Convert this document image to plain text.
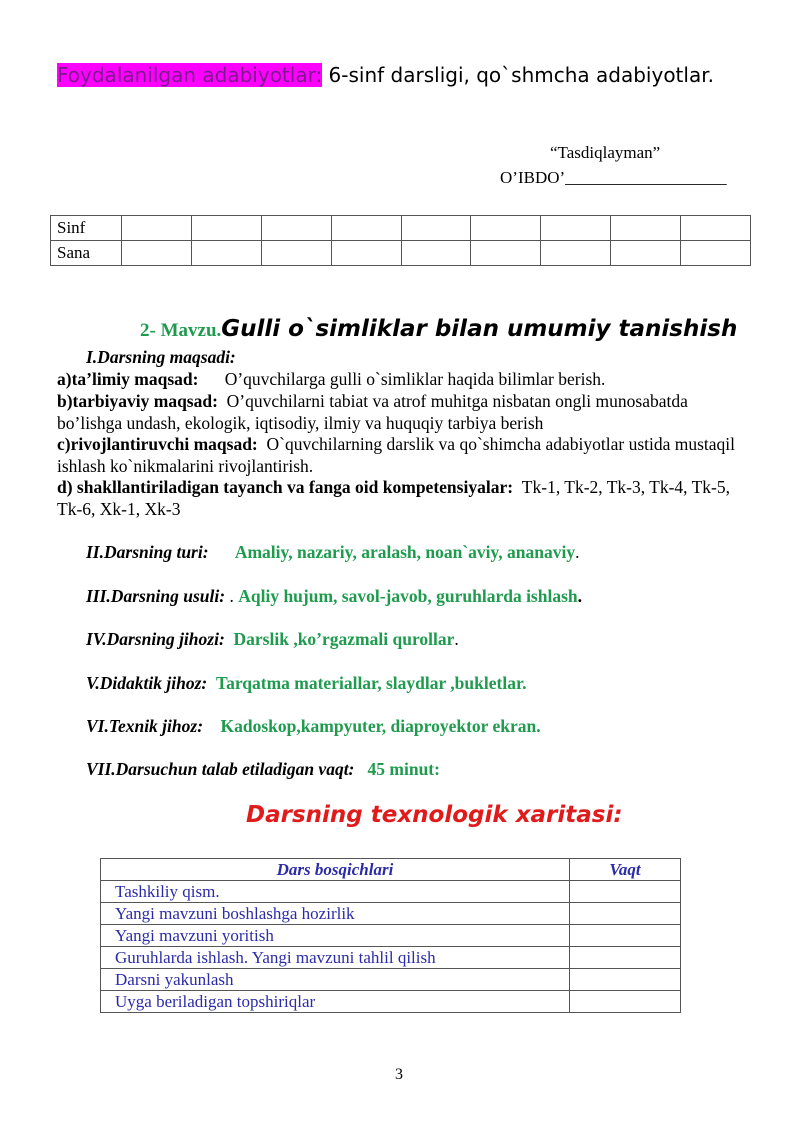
Foydalanilgan adabiyotlar: 6-sinf darsligi, qo`shmcha adabiyotlar.
“Tasdiqlayman”
O’IBDO’___________________
Sinf									
Sana									
2- Mavzu.Gulli o`simliklar bilan umumiy tanishish
I.Darsning maqsadi:
a)ta’limiy maqsad: O’quvchilarga gulli o`simliklar haqida bilimlar berish.
b)tarbiyaviy maqsad: O’quvchilarni tabiat va atrof muhitga nisbatan ongli munosabatda bo’lishga undash, ekologik, iqtisodiy, ilmiy va huquqiy tarbiya berish
c)rivojlantiruvchi maqsad: O`quvchilarning darslik va qo`shimcha adabiyotlar ustida mustaqil ishlash ko`nikmalarini rivojlantirish.
d) shakllantiriladigan tayanch va fanga oid kompetensiyalar: Tk-1, Tk-2, Tk-3, Tk-4, Tk-5, Tk-6, Xk-1, Xk-3
II.Darsning turi: Amaliy, nazariy, aralash, noan`aviy, ananaviy.
III.Darsning usuli: . Aqliy hujum, savol-javob, guruhlarda ishlash.
IV.Darsning jihozi: Darslik ,ko’rgazmali qurollar.
V.Didaktik jihoz: Tarqatma materiallar, slaydlar ,bukletlar.
VI.Texnik jihoz: Kadoskop,kampyuter, diaproyektor ekran.
VII.Darsuchun talab etiladigan vaqt: 45 minut:
Darsning texnologik xaritasi:
Dars bosqichlari	Vaqt
Tashkiliy qism.	
Yangi mavzuni boshlashga hozirlik	
Yangi mavzuni yoritish	
Guruhlarda ishlash. Yangi mavzuni tahlil qilish	
Darsni yakunlash	
Uyga beriladigan topshiriqlar	
3
